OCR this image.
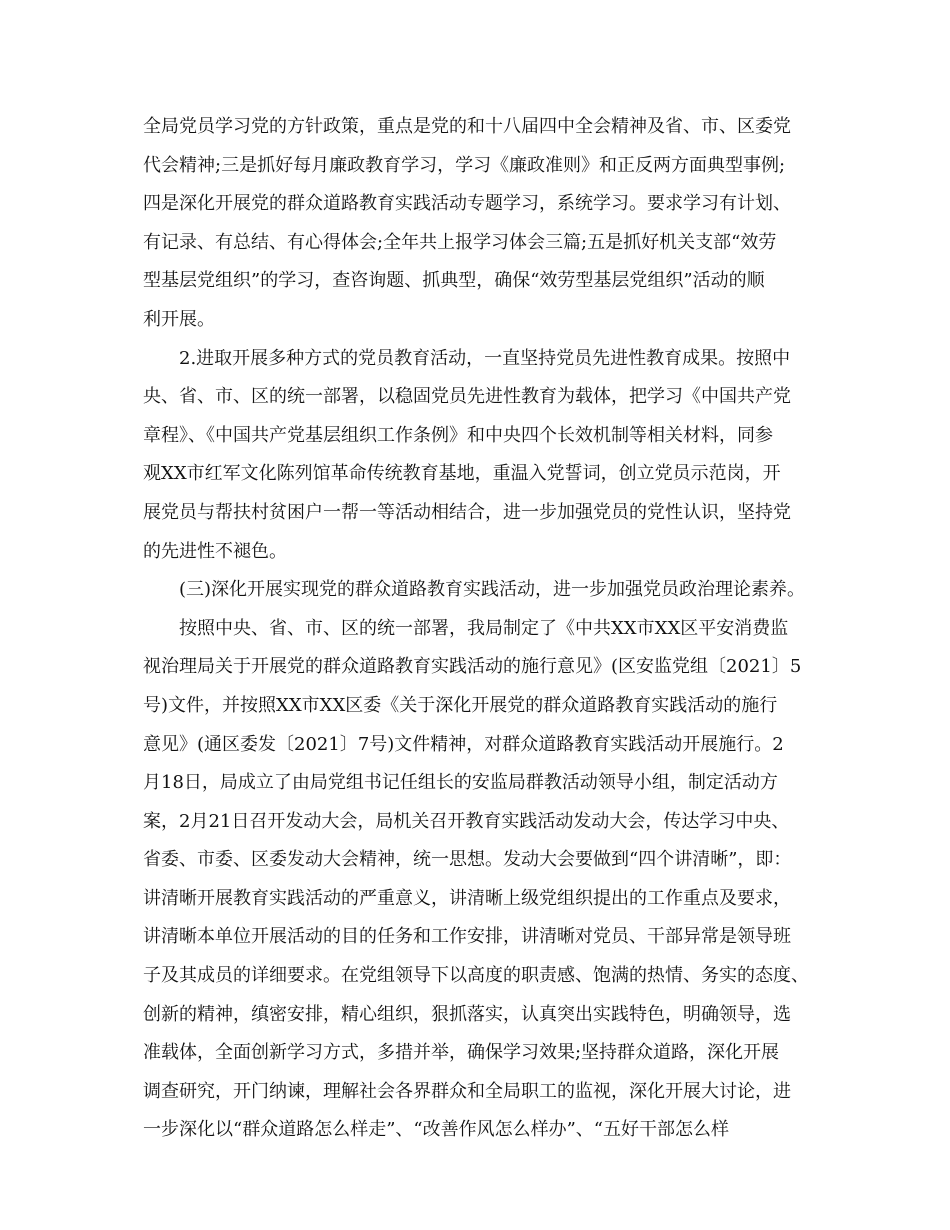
全局党员学习党的方针政策，重点是党的和十八届四中全会精神及省、市、区委党
代会精神;三是抓好每月廉政教育学习，学习《廉政准则》和正反两方面典型事例;
四是深化开展党的群众道路教育实践活动专题学习，系统学习。要求学习有计划、
有记录、有总结、有心得体会;全年共上报学习体会三篇;五是抓好机关支部“效劳
型基层党组织”的学习，查咨询题、抓典型，确保“效劳型基层党组织”活动的顺
利开展。
2.进取开展多种方式的党员教育活动，一直坚持党员先进性教育成果。按照中
央、省、市、区的统一部署，以稳固党员先进性教育为载体，把学习《中国共产党
章程》、《中国共产党基层组织工作条例》和中央四个长效机制等相关材料，同参
观XX市红军文化陈列馆革命传统教育基地，重温入党誓词，创立党员示范岗，开
展党员与帮扶村贫困户一帮一等活动相结合，进一步加强党员的党性认识，坚持党
的先进性不褪色。
(三)深化开展实现党的群众道路教育实践活动，进一步加强党员政治理论素养。
按照中央、省、市、区的统一部署，我局制定了《中共XX市XX区平安消费监
视治理局关于开展党的群众道路教育实践活动的施行意见》(区安监党组〔2021〕5
号)文件，并按照XX市XX区委《关于深化开展党的群众道路教育实践活动的施行
意见》(通区委发〔2021〕7号)文件精神，对群众道路教育实践活动开展施行。2
月18日，局成立了由局党组书记任组长的安监局群教活动领导小组，制定活动方
案，2月21日召开发动大会，局机关召开教育实践活动发动大会，传达学习中央、
省委、市委、区委发动大会精神，统一思想。发动大会要做到“四个讲清晰”，即：
讲清晰开展教育实践活动的严重意义，讲清晰上级党组织提出的工作重点及要求，
讲清晰本单位开展活动的目的任务和工作安排，讲清晰对党员、干部异常是领导班
子及其成员的详细要求。在党组领导下以高度的职责感、饱满的热情、务实的态度、
创新的精神，缜密安排，精心组织，狠抓落实，认真突出实践特色，明确领导，选
准载体，全面创新学习方式，多措并举，确保学习效果;坚持群众道路，深化开展
调查研究，开门纳谏，理解社会各界群众和全局职工的监视，深化开展大讨论，进
一步深化以“群众道路怎么样走”、“改善作风怎么样办”、“五好干部怎么样
